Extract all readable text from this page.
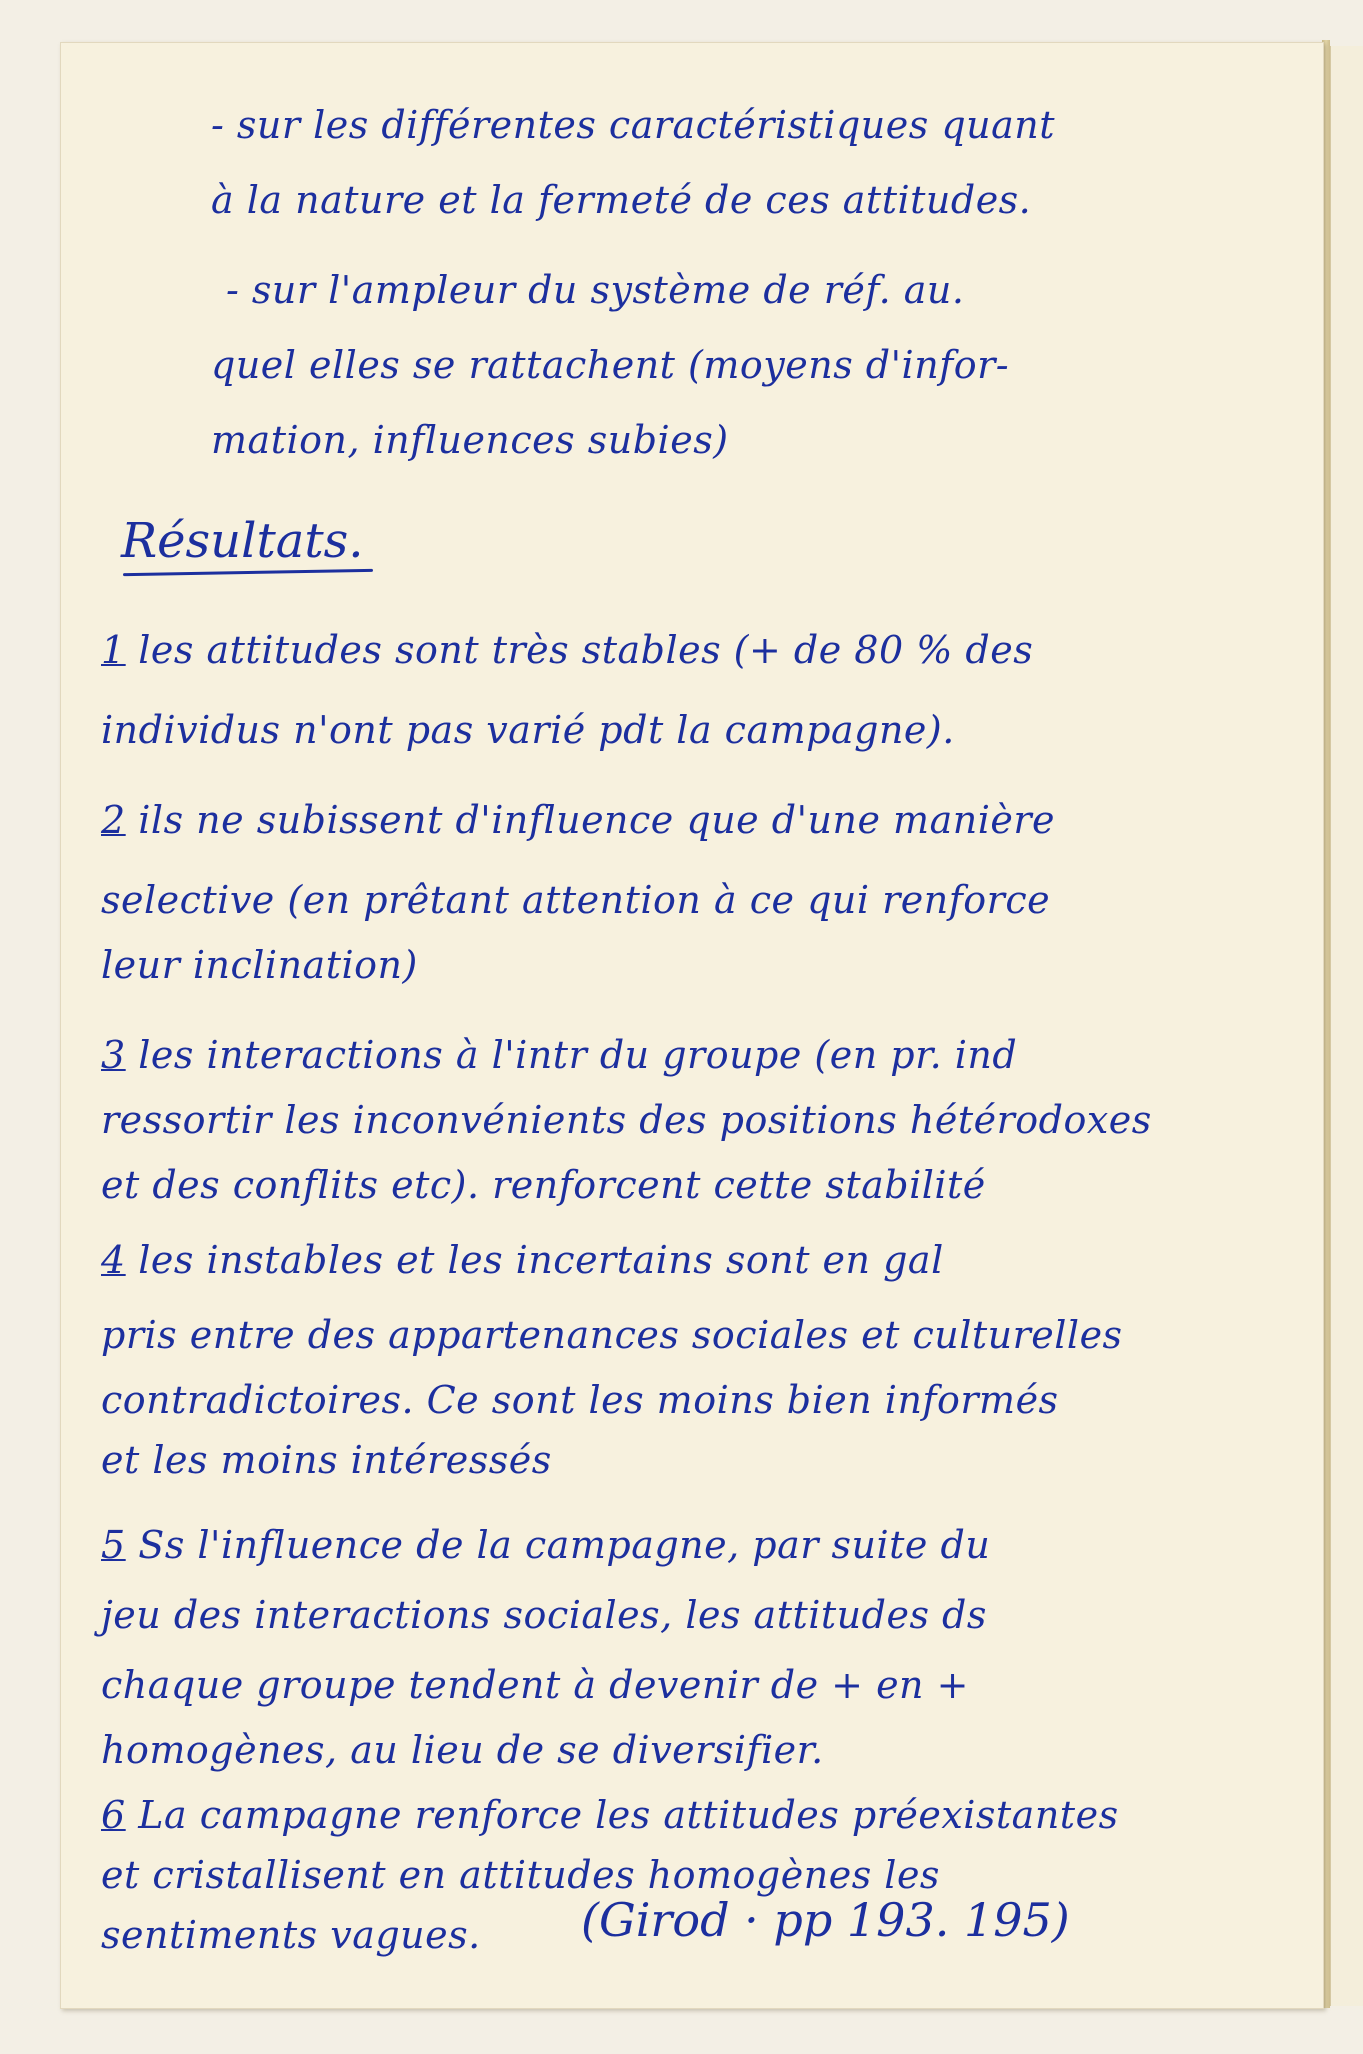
- sur les différentes caractéristiques quant
à la nature et la fermeté de ces attitudes.
- sur l'ampleur du système de réf. au.
quel elles se rattachent (moyens d'infor-
mation, influences subies)
Résultats.
1 les attitudes sont très stables (+ de 80 % des
individus n'ont pas varié pdt la campagne).
2 ils ne subissent d'influence que d'une manière
selective (en prêtant attention à ce qui renforce
leur inclination)
3 les interactions à l'intr du groupe (en pr. ind
ressortir les inconvénients des positions hétérodoxes
et des conflits etc). renforcent cette stabilité
4 les instables et les incertains sont en gal
pris entre des appartenances sociales et culturelles
contradictoires. Ce sont les moins bien informés
et les moins intéressés
5 Ss l'influence de la campagne, par suite du
jeu des interactions sociales, les attitudes ds
chaque groupe tendent à devenir de + en +
homogènes, au lieu de se diversifier.
6 La campagne renforce les attitudes préexistantes
et cristallisent en attitudes homogènes les
sentiments vagues. (Girod · pp 193. 195)
